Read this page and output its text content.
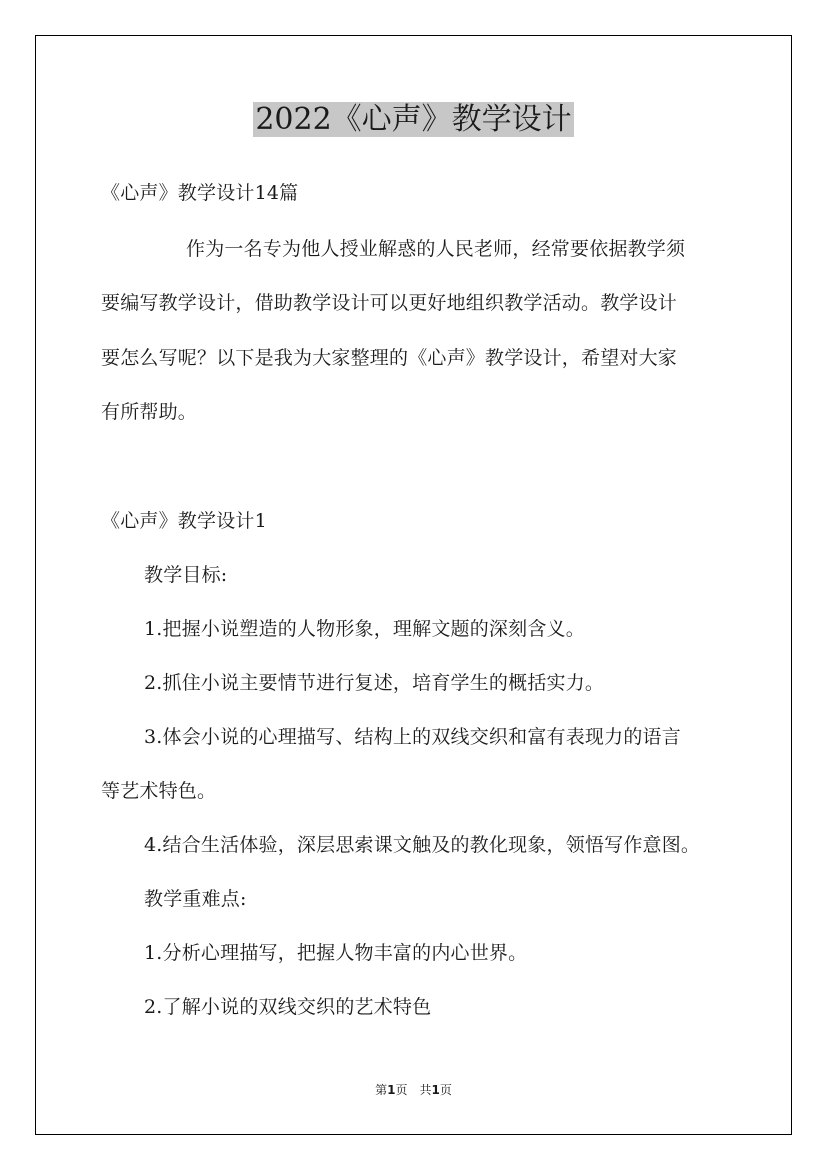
2022《心声》教学设计
《心声》教学设计14篇
作为一名专为他人授业解惑的人民老师，经常要依据教学须
要编写教学设计，借助教学设计可以更好地组织教学活动。教学设计
要怎么写呢？以下是我为大家整理的《心声》教学设计，希望对大家
有所帮助。
《心声》教学设计1
教学目标:
1.把握小说塑造的人物形象，理解文题的深刻含义。
2.抓住小说主要情节进行复述，培育学生的概括实力。
3.体会小说的心理描写、结构上的双线交织和富有表现力的语言
等艺术特色。
4.结合生活体验，深层思索课文触及的教化现象，领悟写作意图。
教学重难点:
1.分析心理描写，把握人物丰富的内心世界。
2.了解小说的双线交织的艺术特色
第1页　共1页
